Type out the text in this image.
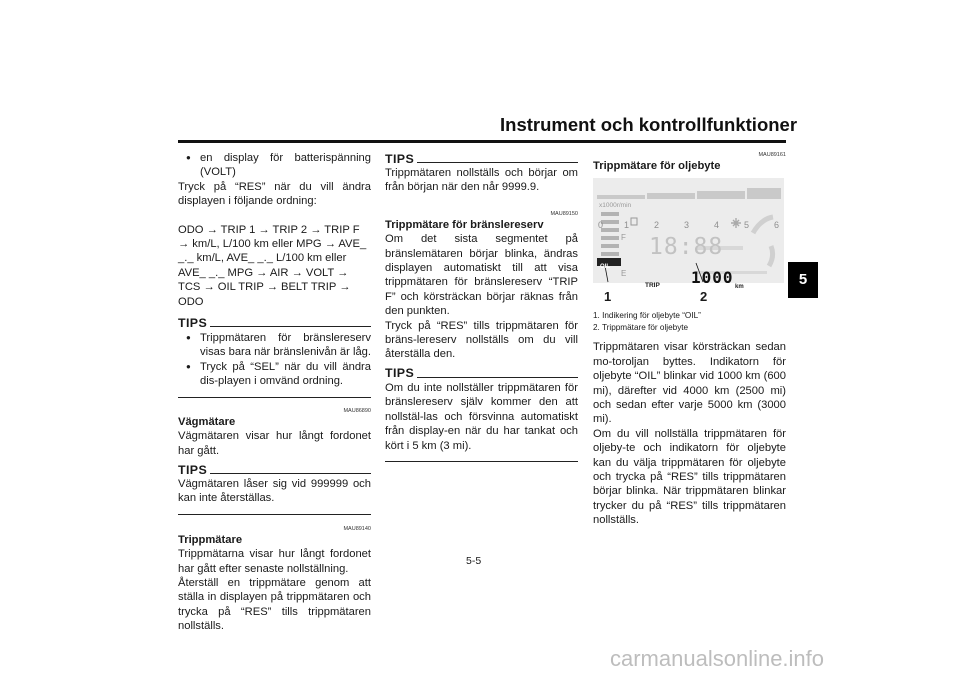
Instrument och kontrollfunktioner
5
● en display för batterispänning (VOLT)

Tryck på “RES” när du vill ändra displayen i följande ordning:

ODO → TRIP 1 → TRIP 2 → TRIP F → km/L, L/100 km eller MPG → AVE_ _._ km/L, AVE_ _._ L/100 km eller AVE_ _._ MPG → AIR → VOLT → TCS → OIL TRIP → BELT TRIP → ODO

TIPS
● Trippmätaren för bränslereserv visas bara när bränslenivån är låg.
● Tryck på “SEL” när du vill ändra dis-playen i omvänd ordning.
MAU86890

Vägmätare

Vägmätaren visar hur långt fordonet har gått.

TIPS

Vägmätaren låser sig vid 999999 och kan inte återställas.

MAU89140

Trippmätare

Trippmätarna visar hur långt fordonet har gått efter senaste nollställning.

Återställ en trippmätare genom att ställa in displayen på trippmätaren och trycka på “RES” tills trippmätaren nollställs.

TIPS

Trippmätaren nollställs och börjar om från början när den når 9999.9.

MAU89150

Trippmätare för bränslereserv

Om det sista segmentet på bränslemätaren börjar blinka, ändras displayen automatiskt till att visa trippmätaren för bränslereserv “TRIP F” och körsträckan börjar räknas från den punkten.

Tryck på “RES” tills trippmätaren för bräns-lereserv nollställs om du vill återställa den.

TIPS

Om du inte nollställer trippmätaren för bränslereserv själv kommer den att nollstäl-las och försvinna automatiskt från display-en när du har tankat och kört i 5 km (3 mi).

MAU89161

Trippmätare för oljebyte

x1000r/min
0 1	2	3	4	5	6
F
E
18:88
OIL
TRIP 1000 km
1	2
1. Indikering för oljebyte “OIL”
2. Trippmätare för oljebyte

Trippmätaren visar körsträckan sedan mo-toroljan byttes. Indikatorn för oljebyte “OIL” blinkar vid 1000 km (600 mi), därefter vid 4000 km (2500 mi) och sedan efter varje 5000 km (3000 mi).

Om du vill nollställa trippmätaren för oljeby-te och indikatorn för oljebyte kan du välja trippmätaren för oljebyte och trycka på “RES” tills trippmätaren börjar blinka. När trippmätaren blinkar trycker du på “RES” tills trippmätaren nollställs.

5-5
carmanualsonline.info
